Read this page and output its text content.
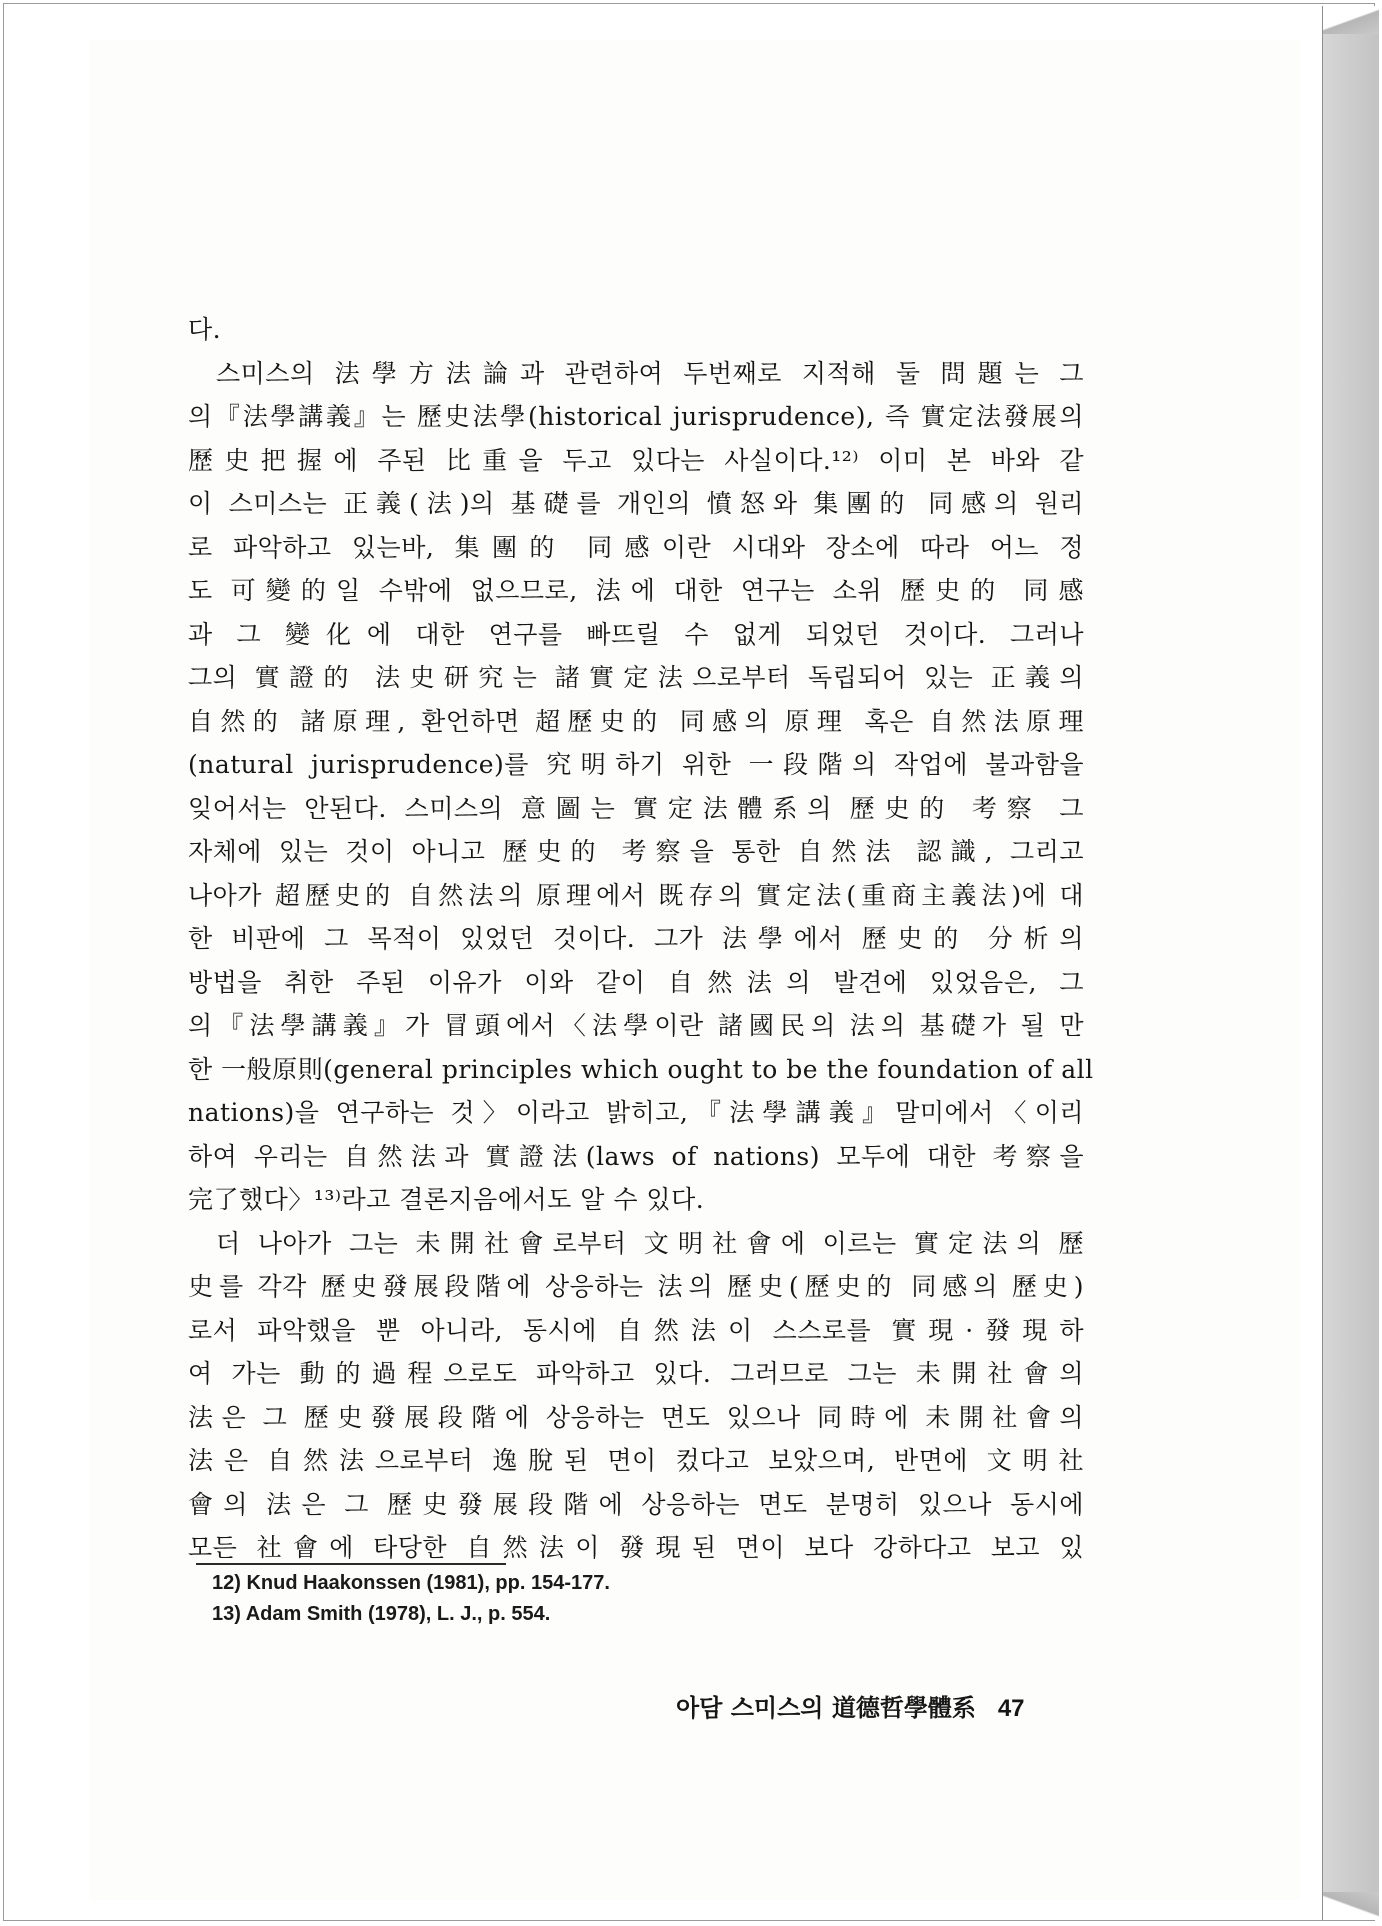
다.
스미스의 法學方法論과 관련하여 두번째로 지적해 둘 問題는 그
의『法學講義』는 歷史法學(historical jurisprudence), 즉 實定法發展의
歷史把握에 주된 比重을 두고 있다는 사실이다.¹²⁾ 이미 본 바와 같
이 스미스는 正義(法)의 基礎를 개인의 憤怒와 集團的 同感의 원리
로 파악하고 있는바, 集團的 同感이란 시대와 장소에 따라 어느 정
도 可變的일 수밖에 없으므로, 法에 대한 연구는 소위 歷史的 同感
과 그 變化에 대한 연구를 빠뜨릴 수 없게 되었던 것이다. 그러나
그의 實證的 法史研究는 諸實定法으로부터 독립되어 있는 正義의
自然的 諸原理, 환언하면 超歷史的 同感의 原理 혹은 自然法原理
(natural jurisprudence)를 究明하기 위한 一段階의 작업에 불과함을
잊어서는 안된다. 스미스의 意圖는 實定法體系의 歷史的 考察 그
자체에 있는 것이 아니고 歷史的 考察을 통한 自然法 認識, 그리고
나아가 超歷史的 自然法의 原理에서 既存의 實定法(重商主義法)에 대
한 비판에 그 목적이 있었던 것이다. 그가 法學에서 歷史的 分析의
방법을 취한 주된 이유가 이와 같이 自然法의 발견에 있었음은, 그
의『法學講義』가 冒頭에서〈法學이란 諸國民의 法의 基礎가 될 만
한 一般原則(general principles which ought to be the foundation of all
nations)을 연구하는 것〉이라고 밝히고,『法學講義』말미에서〈이리
하여 우리는 自然法과 實證法(laws of nations) 모두에 대한 考察을
完了했다〉¹³⁾라고 결론지음에서도 알 수 있다.
더 나아가 그는 未開社會로부터 文明社會에 이르는 實定法의 歷
史를 각각 歷史發展段階에 상응하는 法의 歷史(歷史的 同感의 歷史)
로서 파악했을 뿐 아니라, 동시에 自然法이 스스로를 實現·發現하
여 가는 動的過程으로도 파악하고 있다. 그러므로 그는 未開社會의
法은 그 歷史發展段階에 상응하는 면도 있으나 同時에 未開社會의
法은 自然法으로부터 逸脫된 면이 컸다고 보았으며, 반면에 文明社
會의 法은 그 歷史發展段階에 상응하는 면도 분명히 있으나 동시에
모든 社會에 타당한 自然法이 發現된 면이 보다 강하다고 보고 있
12) Knud Haakonssen (1981), pp. 154-177.
13) Adam Smith (1978), L. J., p. 554.
아담 스미스의 道德哲學體系 47
